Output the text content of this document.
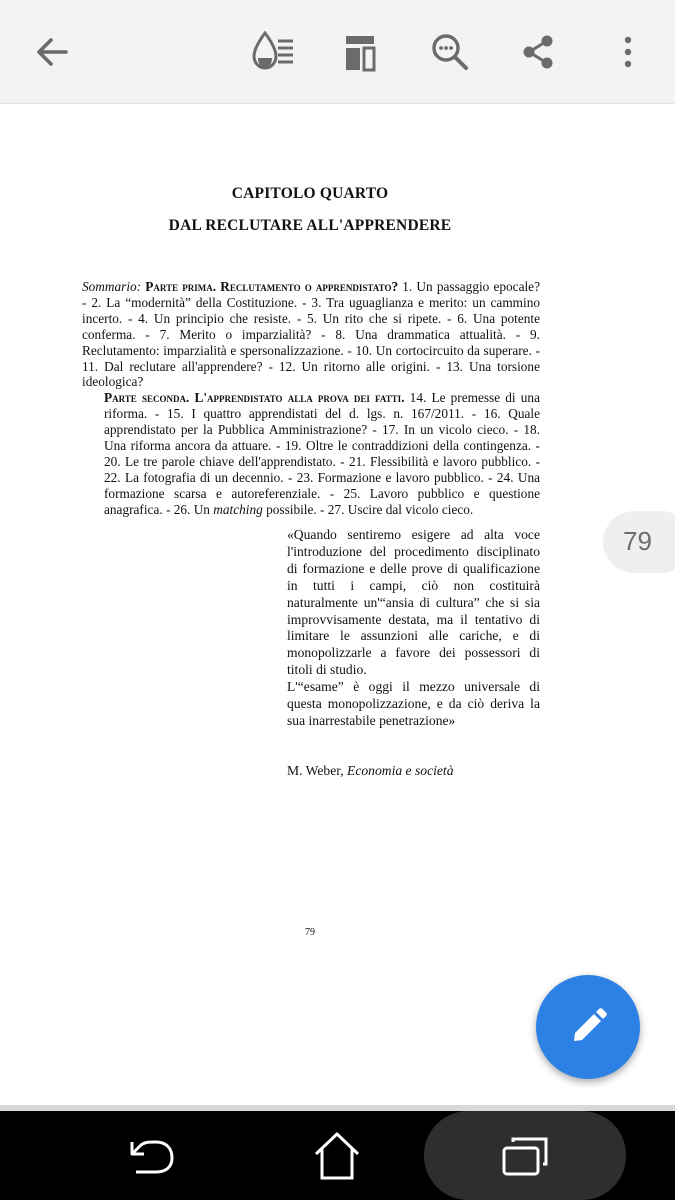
CAPITOLO QUARTO
DAL RECLUTARE ALL'APPRENDERE

Sommario: Parte prima. Reclutamento o apprendistato? 1. Un passaggio epocale? - 2. La “modernità” della Costituzione. - 3. Tra uguaglianza e merito: un cammino incerto. - 4. Un principio che resiste. - 5. Un rito che si ripete. - 6. Una potente conferma. - 7. Merito o imparzialità? - 8. Una drammatica attualità. - 9. Reclutamento: imparzialità e spersonalizzazione. - 10. Un cortocircuito da superare. - 11. Dal reclutare all'apprendere? - 12. Un ritorno alle origini. - 13. Una torsione ideologica?

Parte seconda. L'apprendistato alla prova dei fatti. 14. Le premesse di una riforma. - 15. I quattro apprendistati del d. lgs. n. 167/2011. - 16. Quale apprendistato per la Pubblica Amministrazione? - 17. In un vicolo cieco. - 18. Una riforma ancora da attuare. - 19. Oltre le contraddizioni della contingenza. - 20. Le tre parole chiave dell'apprendistato. - 21. Flessibilità e lavoro pubblico. - 22. La fotografia di un decennio. - 23. Formazione e lavoro pubblico. - 24. Una formazione scarsa e autoreferenziale. - 25. Lavoro pubblico e questione anagrafica. - 26. Un matching possibile. - 27. Uscire dal vicolo cieco.

«Quando sentiremo esigere ad alta voce l'introduzione del procedimento disciplinato di formazione e delle prove di qualificazione in tutti i campi, ciò non costituirà naturalmente un'“ansia di cultura” che si sia improvvisamente destata, ma il tentativo di limitare le assunzioni alle cariche, e di monopolizzarle a favore dei possessori di titoli di studio.

L'“esame” è oggi il mezzo universale di questa monopolizzazione, e da ciò deriva la sua inarrestabile penetrazione»

M. Weber, Economia e società
79
79
